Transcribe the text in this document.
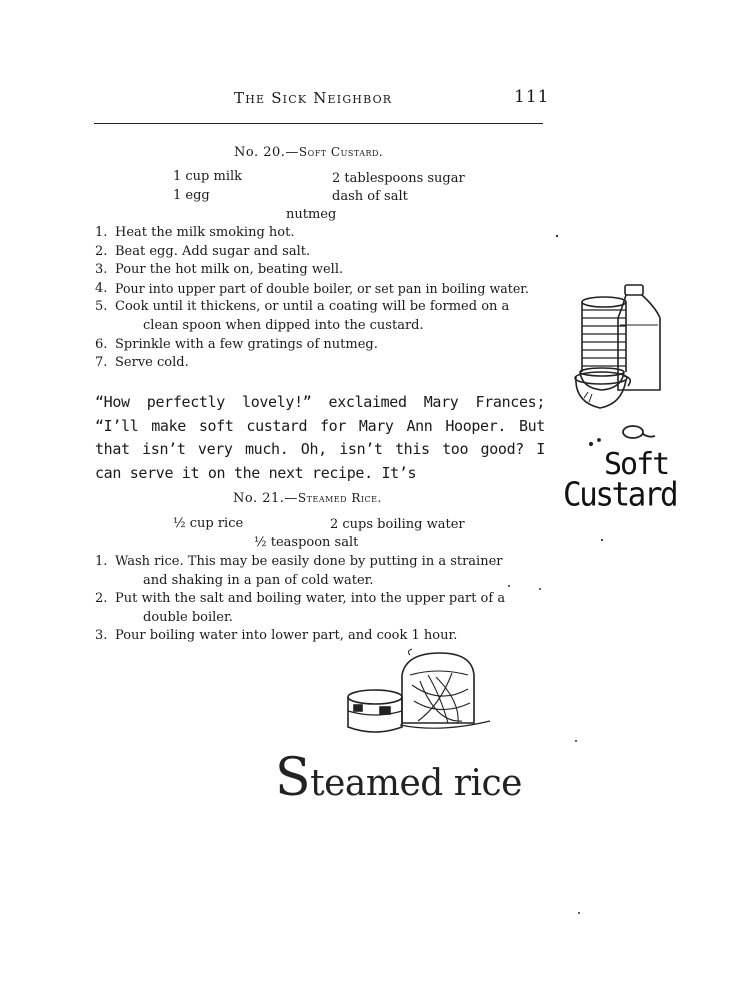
The Sick Neighbor	111
No. 20.—Soft Custard.
1 cup milk
1 egg
2 tablespoons sugar
dash of salt
nutmeg
1. Heat the milk smoking hot.
2. Beat egg. Add sugar and salt.
3. Pour the hot milk on, beating well.
4. Pour into upper part of double boiler, or set pan in boiling water.
5. Cook until it thickens, or until a coating will be formed on a
clean spoon when dipped into the custard.
6. Sprinkle with a few gratings of nutmeg.
7. Serve cold.
“How perfectly lovely!” exclaimed Mary Frances; “I’ll make soft custard for Mary Ann Hooper. But that isn’t very much. Oh, isn’t this too good? I can serve it on the next recipe. It’s
No. 21.—Steamed Rice.
½ cup rice	2 cups boiling water
½ teaspoon salt
1. Wash rice. This may be easily done by putting in a strainer
and shaking in a pan of cold water.
2. Put with the salt and boiling water, into the upper part of a
double boiler.
3. Pour boiling water into lower part, and cook 1 hour.
Soft
Custard
Steamed rice
